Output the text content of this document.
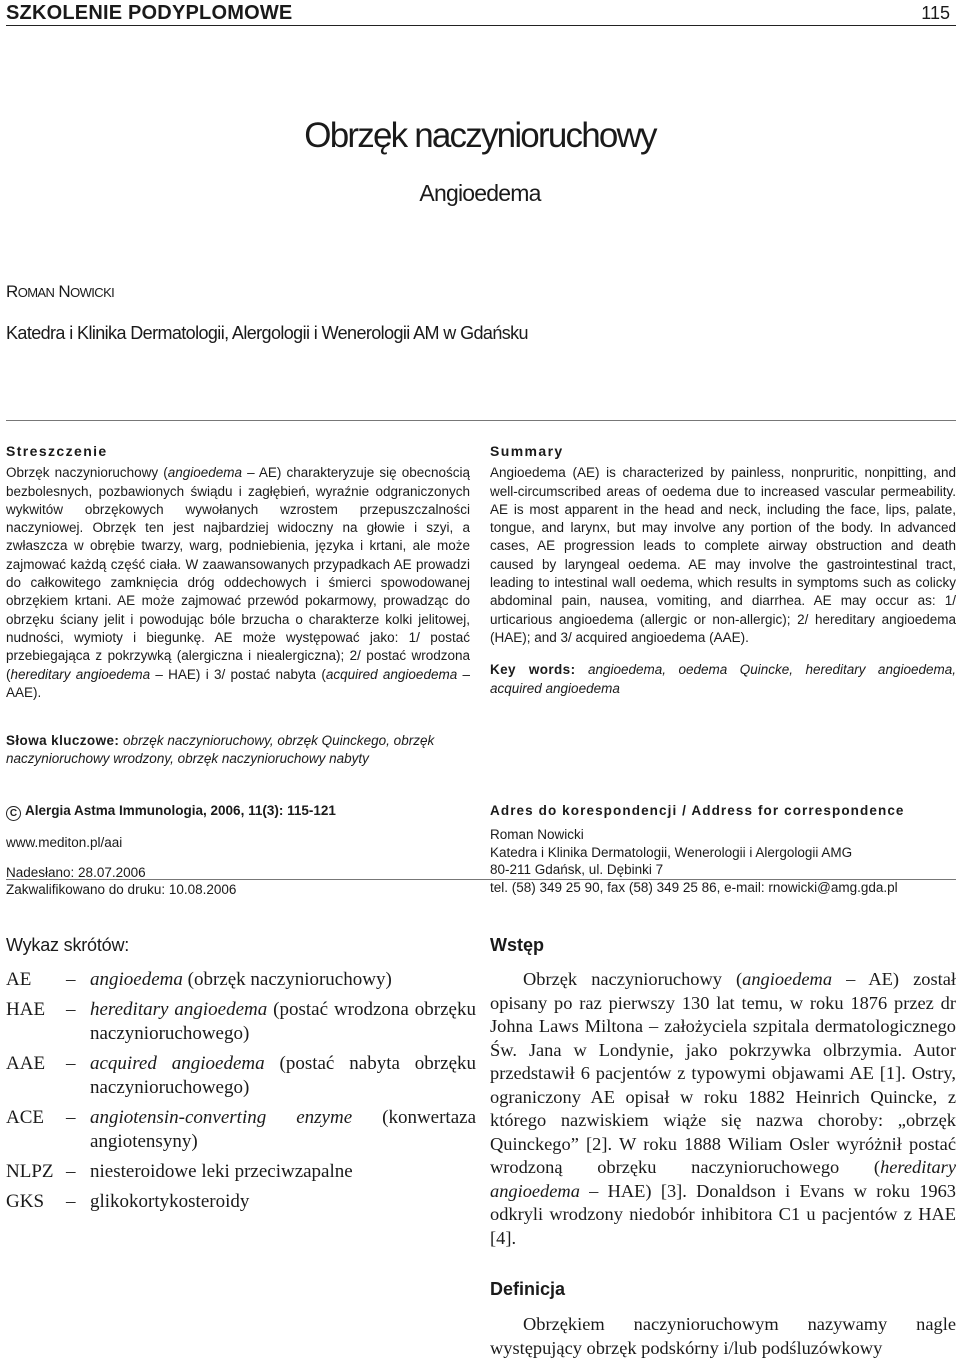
SZKOLENIE PODYPLOMOWE	115
Obrzęk naczynioruchowy
Angioedema
ROMAN NOWICKI
Katedra i Klinika Dermatologii, Alergologii i Wenerologii AM w Gdańsku
Streszczenie

Obrzęk naczynioruchowy (angioedema – AE) charakteryzuje się obecnością bezbolesnych, pozbawionych świądu i zagłębień, wyraźnie odgraniczonych wykwitów obrzękowych wywołanych wzrostem przepuszczalności naczyniowej. Obrzęk ten jest najbardziej widoczny na głowie i szyi, a zwłaszcza w obrębie twarzy, warg, podniebienia, języka i krtani, ale może zajmować każdą część ciała. W zaawansowanych przypadkach AE prowadzi do całkowitego zamknięcia dróg oddechowych i śmierci spowodowanej obrzękiem krtani. AE może zajmować przewód pokarmowy, prowadząc do obrzęku ściany jelit i powodując bóle brzucha o charakterze kolki jelitowej, nudności, wymioty i biegunkę. AE może występować jako: 1/ postać przebiegająca z pokrzywką (alergiczna i niealergiczna); 2/ postać wrodzona (hereditary angioedema – HAE) i 3/ postać nabyta (acquired angioedema – AAE).

Słowa kluczowe: obrzęk naczynioruchowy, obrzęk Quinckego, obrzęk naczynioruchowy wrodzony, obrzęk naczynioruchowy nabyty
Summary

Angioedema (AE) is characterized by painless, nonpruritic, nonpitting, and well-circumscribed areas of oedema due to increased vascular permeability. AE is most apparent in the head and neck, including the face, lips, palate, tongue, and larynx, but may involve any portion of the body. In advanced cases, AE progression leads to complete airway obstruction and death caused by laryngeal oedema. AE may involve the gastrointestinal tract, leading to intestinal wall oedema, which results in symptoms such as colicky abdominal pain, nausea, vomiting, and diarrhea. AE may occur as: 1/ urticarious angioedema (allergic or non-allergic); 2/ hereditary angioedema (HAE); and 3/ acquired angioedema (AAE).

Key words: angioedema, oedema Quincke, hereditary angioedema, acquired angioedema

C Alergia Astma Immunologia, 2006, 11(3): 115-121
www.mediton.pl/aai
Nadesłano: 28.07.2006
Zakwalifikowano do druku: 10.08.2006
Adres do korespondencji / Address for correspondence
Roman Nowicki
Katedra i Klinika Dermatologii, Wenerologii i Alergologii AMG
80-211 Gdańsk, ul. Dębinki 7
tel. (58) 349 25 90, fax (58) 349 25 86, e-mail: rnowicki@amg.gda.pl
Wykaz skrótów:
AE	– angioedema (obrzęk naczynioruchowy)
HAE	– hereditary angioedema (postać wrodzona obrzęku naczynioruchowego)
AAE	– acquired angioedema (postać nabyta obrzęku naczynioruchowego)
ACE	– angiotensin-converting enzyme (konwertaza angiotensyny)
NLPZ – niesteroidowe leki przeciwzapalne
GKS	– glikokortykosteroidy
Wstęp

Obrzęk naczynioruchowy (angioedema – AE) został opisany po raz pierwszy 130 lat temu, w roku 1876 przez dr Johna Laws Miltona – założyciela szpitala dermatologicznego Św. Jana w Londynie, jako pokrzywka olbrzymia. Autor przedstawił 6 pacjentów z typowymi objawami AE [1]. Ostry, ograniczony AE opisał w roku 1882 Heinrich Quincke, z którego nazwiskiem wiąże się nazwa choroby: „obrzęk Quinckego” [2]. W roku 1888 Wiliam Osler wyróżnił postać wrodzoną obrzęku naczynioruchowego (hereditary angioedema – HAE) [3]. Donaldson i Evans w roku 1963 odkryli wrodzony niedobór inhibitora C1 u pacjentów z HAE [4].

Definicja

Obrzękiem naczynioruchowym nazywamy nagle występujący obrzęk podskórny i/lub podśluzówkowy
